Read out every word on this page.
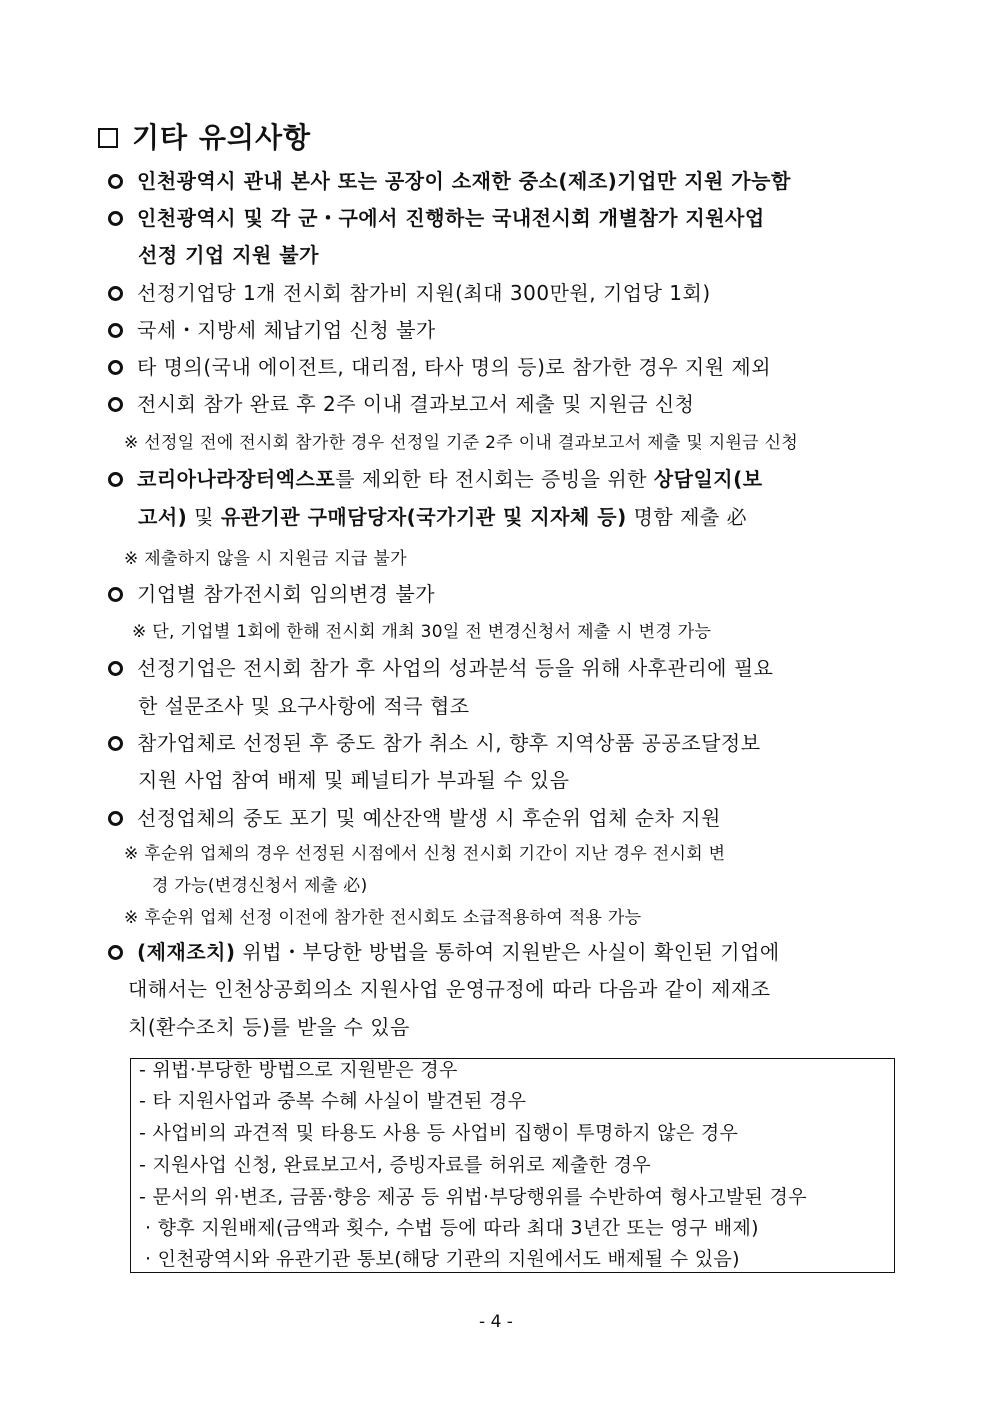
기타 유의사항
인천광역시 관내 본사 또는 공장이 소재한 중소(제조)기업만 지원 가능함
인천광역시 및 각 군・구에서 진행하는 국내전시회 개별참가 지원사업
선정 기업 지원 불가
선정기업당 1개 전시회 참가비 지원(최대 300만원, 기업당 1회)
국세・지방세 체납기업 신청 불가
타 명의(국내 에이전트, 대리점, 타사 명의 등)로 참가한 경우 지원 제외
전시회 참가 완료 후 2주 이내 결과보고서 제출 및 지원금 신청
※ 선정일 전에 전시회 참가한 경우 선정일 기준 2주 이내 결과보고서 제출 및 지원금 신청
코리아나라장터엑스포를 제외한 타 전시회는 증빙을 위한 상담일지(보
고서) 및 유관기관 구매담당자(국가기관 및 지자체 등) 명함 제출 必
※ 제출하지 않을 시 지원금 지급 불가
기업별 참가전시회 임의변경 불가
※ 단, 기업별 1회에 한해 전시회 개최 30일 전 변경신청서 제출 시 변경 가능
선정기업은 전시회 참가 후 사업의 성과분석 등을 위해 사후관리에 필요
한 설문조사 및 요구사항에 적극 협조
참가업체로 선정된 후 중도 참가 취소 시, 향후 지역상품 공공조달정보
지원 사업 참여 배제 및 페널티가 부과될 수 있음
선정업체의 중도 포기 및 예산잔액 발생 시 후순위 업체 순차 지원
※ 후순위 업체의 경우 선정된 시점에서 신청 전시회 기간이 지난 경우 전시회 변
경 가능(변경신청서 제출 必)
※ 후순위 업체 선정 이전에 참가한 전시회도 소급적용하여 적용 가능
(제재조치) 위법・부당한 방법을 통하여 지원받은 사실이 확인된 기업에
대해서는 인천상공회의소 지원사업 운영규정에 따라 다음과 같이 제재조
치(환수조치 등)를 받을 수 있음
- 위법·부당한 방법으로 지원받은 경우
- 타 지원사업과 중복 수혜 사실이 발견된 경우
- 사업비의 과견적 및 타용도 사용 등 사업비 집행이 투명하지 않은 경우
- 지원사업 신청, 완료보고서, 증빙자료를 허위로 제출한 경우
- 문서의 위·변조, 금품·향응 제공 등 위법·부당행위를 수반하여 형사고발된 경우
· 향후 지원배제(금액과 횟수, 수법 등에 따라 최대 3년간 또는 영구 배제)
· 인천광역시와 유관기관 통보(해당 기관의 지원에서도 배제될 수 있음)
- 4 -
